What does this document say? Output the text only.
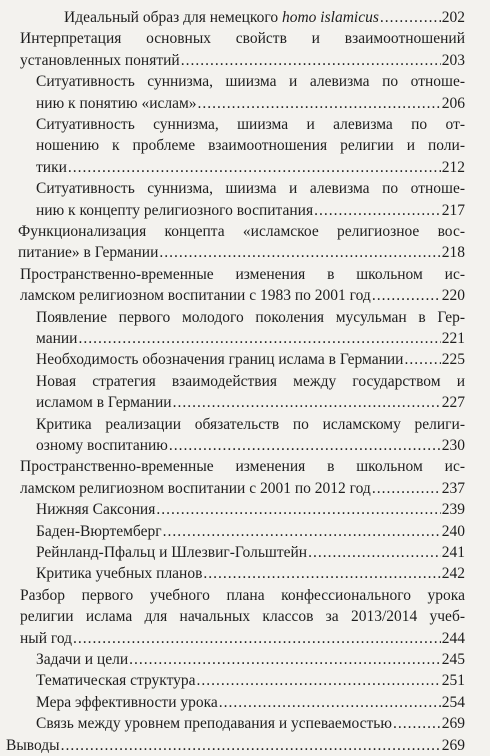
Идеальный образ для немецкого homo islamicus .....	202
Интерпретация основных свойств и взаимоотношений
установленных понятий .....	203
Ситуативность суннизма, шиизма и алевизма по отноше-
нию к понятию «ислам» .....	206
Ситуативность суннизма, шиизма и алевизма по от-
ношению к проблеме взаимоотношения религии и поли-
тики .....	212
Ситуативность суннизма, шиизма и алевизма по отноше-
нию к концепту религиозного воспитания .....	217
Функционализация концепта «исламское религиозное вос-
питание» в Германии .....	218
Пространственно-временные изменения в школьном ис-
ламском религиозном воспитании с 1983 по 2001 год .....	220
Появление первого молодого поколения мусульман в Гер-
мании .....	221
Необходимость обозначения границ ислама в Германии ..... 225
Новая стратегия взаимодействия между государством и
исламом в Германии .....	227
Критика реализации обязательств по исламскому религи-
озному воспитанию .....	230
Пространственно-временные изменения в школьном ис-
ламском религиозном воспитании с 2001 по 2012 год .....	237
Нижняя Саксония .....	239
Баден-Вюртемберг .....	240
Рейнланд-Пфальц и Шлезвиг-Гольштейн .....	241
Критика учебных планов .....	242
Разбор первого учебного плана конфессионального урока
религии ислама для начальных классов за 2013/2014 учеб-
ный год .....	244
Задачи и цели .....	245
Тематическая структура .....	251
Мера эффективности урока .....	254
Связь между уровнем преподавания и успеваемостью .....	269
Выводы .....	269
